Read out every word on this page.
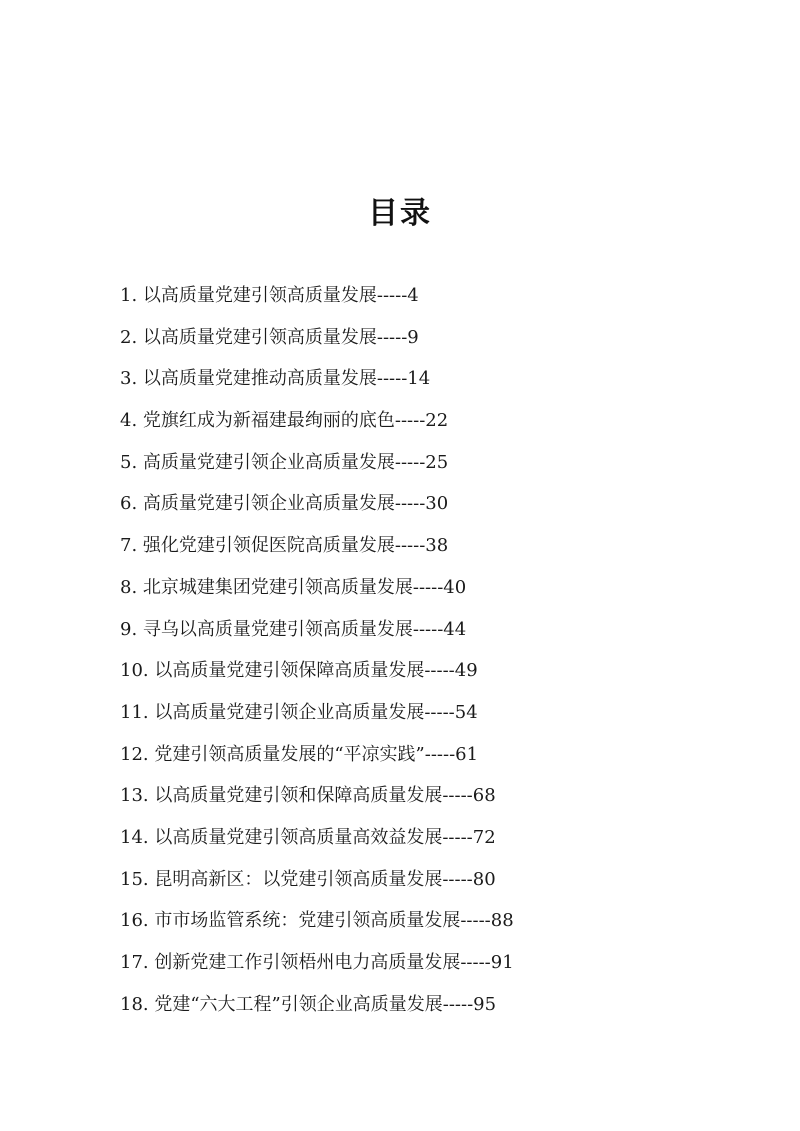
目录
1. 以高质量党建引领高质量发展-----4
2. 以高质量党建引领高质量发展-----9
3. 以高质量党建推动高质量发展-----14
4. 党旗红成为新福建最绚丽的底色-----22
5. 高质量党建引领企业高质量发展-----25
6. 高质量党建引领企业高质量发展-----30
7. 强化党建引领促医院高质量发展-----38
8. 北京城建集团党建引领高质量发展-----40
9. 寻乌以高质量党建引领高质量发展-----44
10. 以高质量党建引领保障高质量发展-----49
11. 以高质量党建引领企业高质量发展-----54
12. 党建引领高质量发展的“平凉实践”-----61
13. 以高质量党建引领和保障高质量发展-----68
14. 以高质量党建引领高质量高效益发展-----72
15. 昆明高新区：以党建引领高质量发展-----80
16. 市市场监管系统：党建引领高质量发展-----88
17. 创新党建工作引领梧州电力高质量发展-----91
18. 党建“六大工程”引领企业高质量发展-----95
